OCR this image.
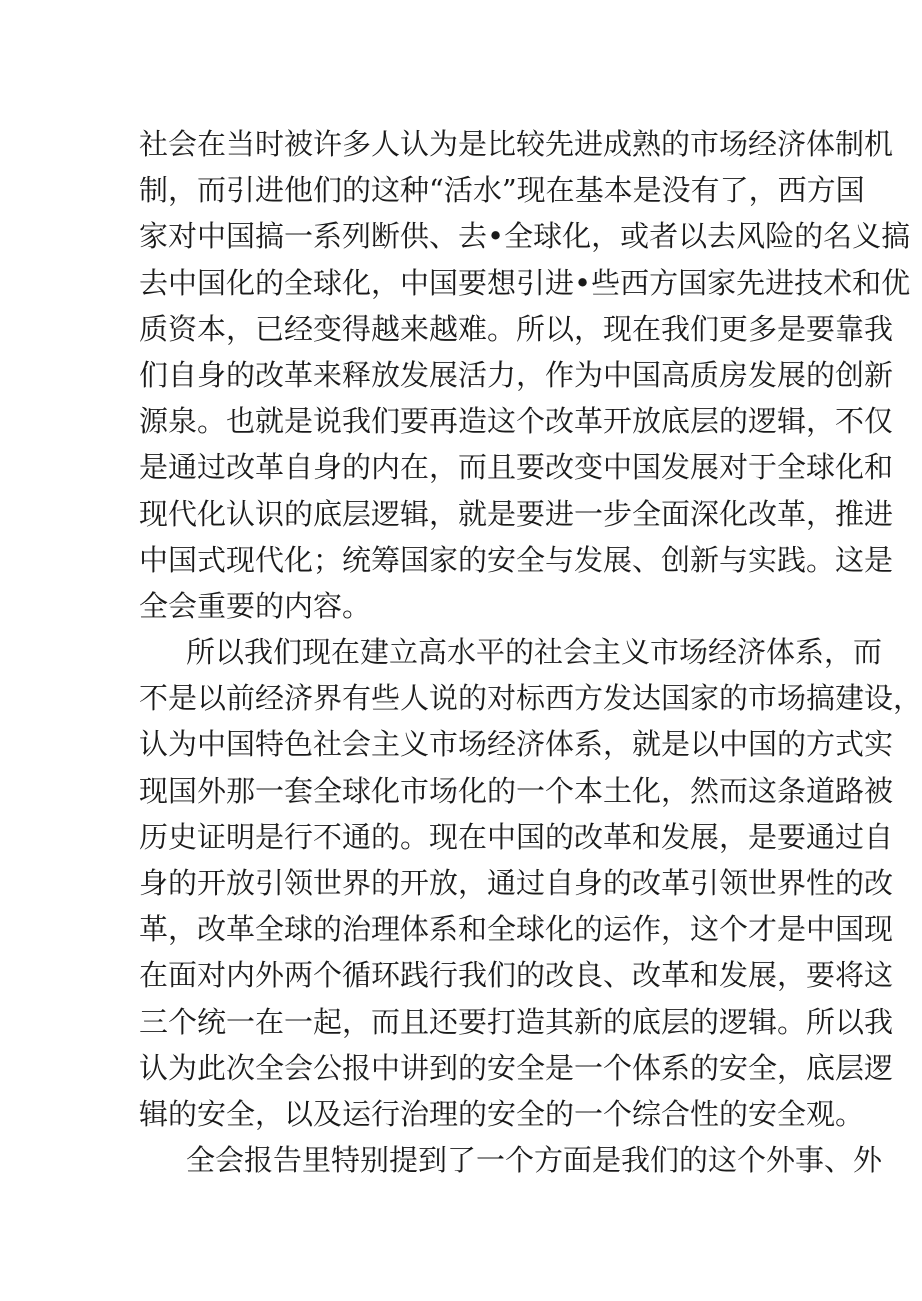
社会在当时被许多人认为是比较先进成熟的市场经济体制机
制，而引进他们的这种“活水”现在基本是没有了，西方国
家对中国搞一系列断供、去•全球化，或者以去风险的名义搞
去中国化的全球化，中国要想引进•些西方国家先进技术和优
质资本，已经变得越来越难。所以，现在我们更多是要靠我
们自身的改革来释放发展活力，作为中国高质房发展的创新
源泉。也就是说我们要再造这个改革开放底层的逻辑，不仅
是通过改革自身的内在，而且要改变中国发展对于全球化和
现代化认识的底层逻辑，就是要进一步全面深化改革，推进
中国式现代化；统筹国家的安全与发展、创新与实践。这是
全会重要的内容。
所以我们现在建立高水平的社会主义市场经济体系，而
不是以前经济界有些人说的对标西方发达国家的市场搞建设，
认为中国特色社会主义市场经济体系，就是以中国的方式实
现国外那一套全球化市场化的一个本土化，然而这条道路被
历史证明是行不通的。现在中国的改革和发展，是要通过自
身的开放引领世界的开放，通过自身的改革引领世界性的改
革，改革全球的治理体系和全球化的运作，这个才是中国现
在面对内外两个循环践行我们的改良、改革和发展，要将这
三个统一在一起，而且还要打造其新的底层的逻辑。所以我
认为此次全会公报中讲到的安全是一个体系的安全，底层逻
辑的安全，以及运行治理的安全的一个综合性的安全观。
全会报告里特别提到了一个方面是我们的这个外事、外
